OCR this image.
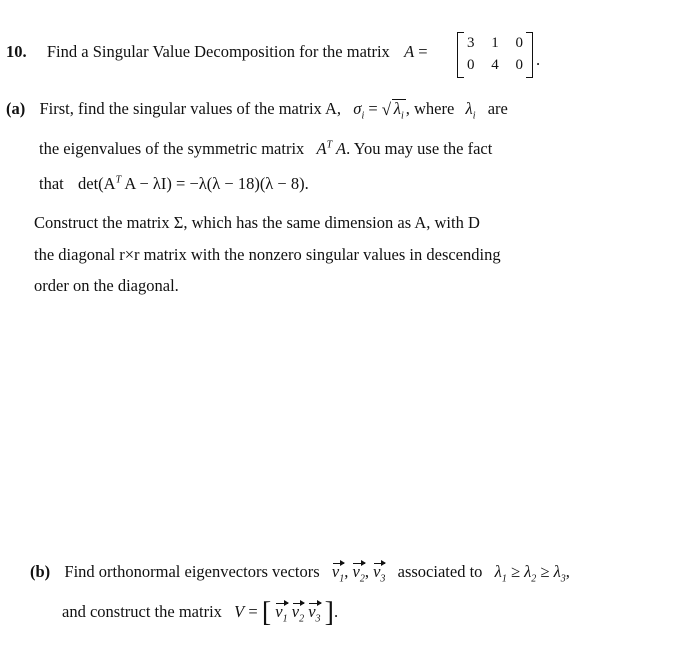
10. Find a Singular Value Decomposition for the matrix A =	3 1 0
0 4 0 .
(a) First, find the singular values of the matrix A, $\sigma_i$ = √ $\lambda_i$ , where $\lambda_i$ are
the eigenvalues of the symmetric matrix $A^T$ A. You may use the fact
that $\det(A^T$ A − λI) = −λ(λ − 18)(λ − 8).
Construct the matrix Σ, which has the same dimension as A, with D
the diagonal r×r matrix with the nonzero singular values in descending
order on the diagonal.
(b) Find orthonormal eigenvectors vectors $v_1$, $v_2$, $v_3$ associated to $\lambda_1 \ge \lambda_2 \ge \lambda_3$,
and construct the matrix V = [ $v_1$ $v_2$ $v_3$ ].
